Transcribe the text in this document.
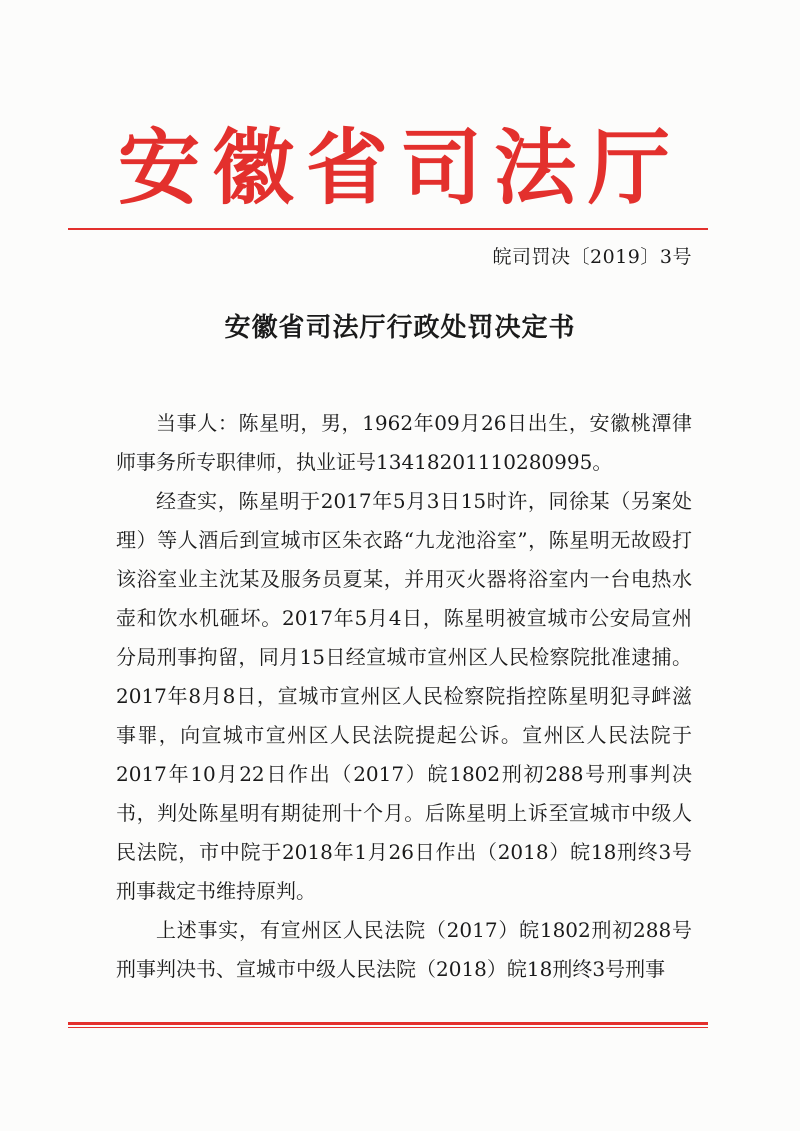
安徽省司法厅
皖司罚决〔2019〕3号
安徽省司法厅行政处罚决定书

当事人：陈星明，男，1962年09月26日出生，安徽桃潭律师事务所专职律师，执业证号13418201110280995。

经查实，陈星明于2017年5月3日15时许，同徐某（另案处理）等人酒后到宣城市区朱衣路“九龙池浴室”，陈星明无故殴打该浴室业主沈某及服务员夏某，并用灭火器将浴室内一台电热水壶和饮水机砸坏。2017年5月4日，陈星明被宣城市公安局宣州分局刑事拘留，同月15日经宣城市宣州区人民检察院批准逮捕。2017年8月8日，宣城市宣州区人民检察院指控陈星明犯寻衅滋事罪，向宣城市宣州区人民法院提起公诉。宣州区人民法院于2017年10月22日作出（2017）皖1802刑初288号刑事判决书，判处陈星明有期徒刑十个月。后陈星明上诉至宣城市中级人民法院，市中院于2018年1月26日作出（2018）皖18刑终3号刑事裁定书维持原判。

上述事实，有宣州区人民法院（2017）皖1802刑初288号刑事判决书、宣城市中级人民法院（2018）皖18刑终3号刑事
